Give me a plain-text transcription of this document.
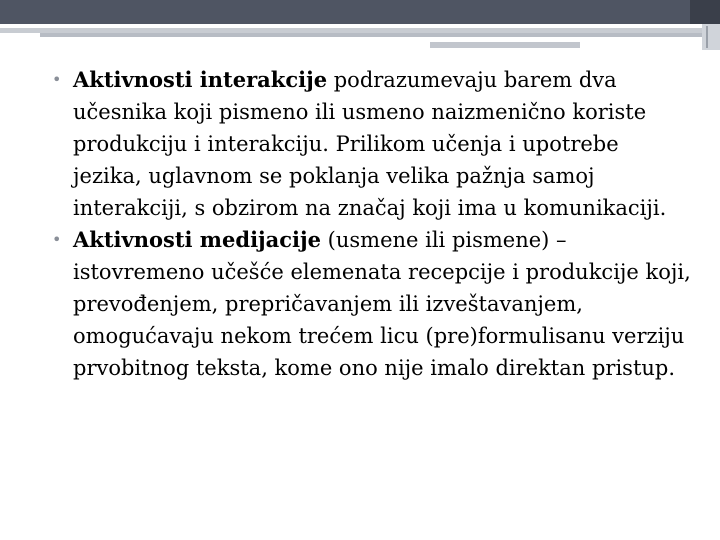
• Aktivnosti interakcije podrazumevaju barem dva učesnika koji pismeno ili usmeno naizmenično koriste produkciju i interakciju. Prilikom učenja i upotrebe jezika, uglavnom se poklanja velika pažnja samoj interakciji, s obzirom na značaj koji ima u komunikaciji.
• Aktivnosti medijacije (usmene ili pismene) – istovremeno učešće elemenata recepcije i produkcije koji, prevođenjem, prepričavanjem ili izveštavanjem, omogućavaju nekom trećem licu (pre)formulisanu verziju prvobitnog teksta, kome ono nije imalo direktan pristup.
